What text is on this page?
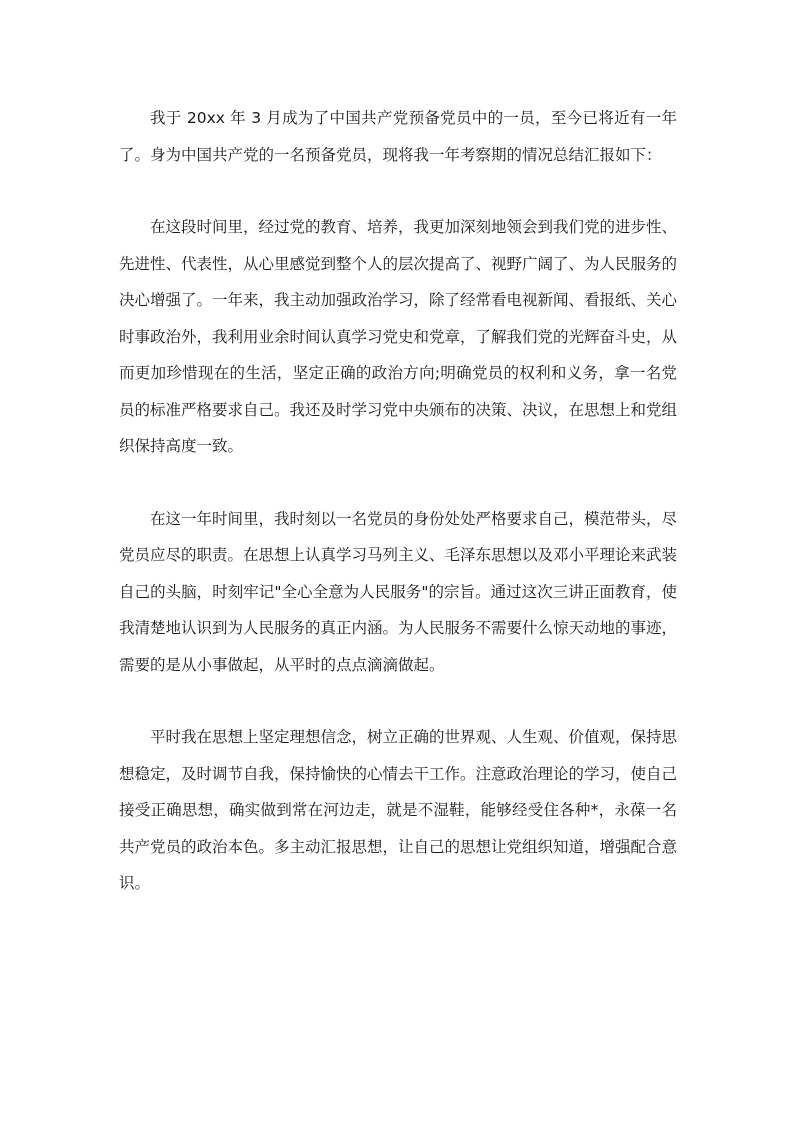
我于 20xx 年 3 月成为了中国共产党预备党员中的一员，至今已将近有一年了。身为中国共产党的一名预备党员，现将我一年考察期的情况总结汇报如下：

在这段时间里，经过党的教育、培养，我更加深刻地领会到我们党的进步性、先进性、代表性，从心里感觉到整个人的层次提高了、视野广阔了、为人民服务的决心增强了。一年来，我主动加强政治学习，除了经常看电视新闻、看报纸、关心时事政治外，我利用业余时间认真学习党史和党章，了解我们党的光辉奋斗史，从而更加珍惜现在的生活，坚定正确的政治方向;明确党员的权利和义务，拿一名党员的标准严格要求自己。我还及时学习党中央颁布的决策、决议，在思想上和党组织保持高度一致。

在这一年时间里，我时刻以一名党员的身份处处严格要求自己，模范带头，尽党员应尽的职责。在思想上认真学习马列主义、毛泽东思想以及邓小平理论来武装自己的头脑，时刻牢记"全心全意为人民服务"的宗旨。通过这次三讲正面教育，使我清楚地认识到为人民服务的真正内涵。为人民服务不需要什么惊天动地的事迹，需要的是从小事做起，从平时的点点滴滴做起。

平时我在思想上坚定理想信念，树立正确的世界观、人生观、价值观，保持思想稳定，及时调节自我，保持愉快的心情去干工作。注意政治理论的学习，使自己接受正确思想，确实做到常在河边走，就是不湿鞋，能够经受住各种*，永葆一名共产党员的政治本色。多主动汇报思想，让自己的思想让党组织知道，增强配合意识。
